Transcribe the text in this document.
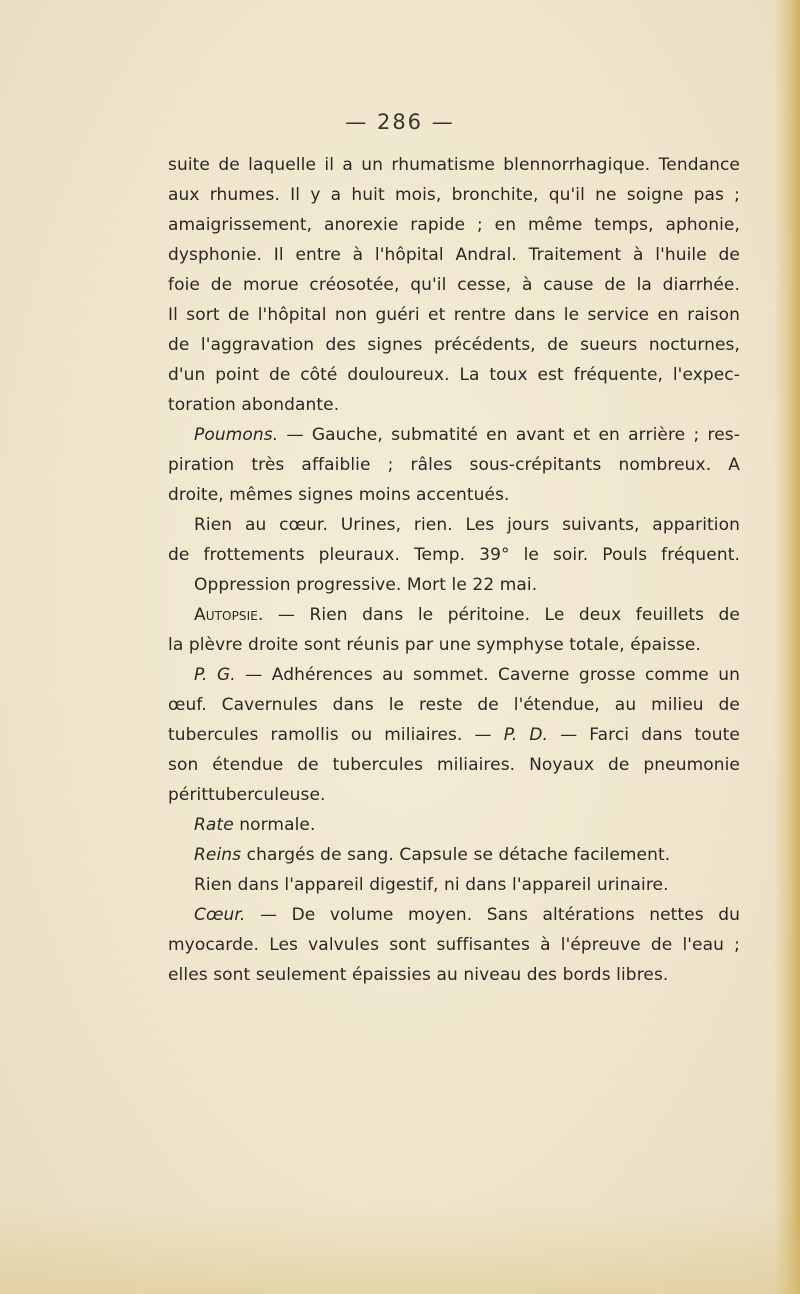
— 286 —
suite de laquelle il a un rhumatisme blennorrhagique. Tendance
aux rhumes. Il y a huit mois, bronchite, qu'il ne soigne pas ;
amaigrissement, anorexie rapide ; en même temps, aphonie,
dysphonie. Il entre à l'hôpital Andral. Traitement à l'huile de
foie de morue créosotée, qu'il cesse, à cause de la diarrhée.
Il sort de l'hôpital non guéri et rentre dans le service en raison
de l'aggravation des signes précédents, de sueurs nocturnes,
d'un point de côté douloureux. La toux est fréquente, l'expec-
toration abondante.
Poumons. — Gauche, submatité en avant et en arrière ; res-
piration très affaiblie ; râles sous-crépitants nombreux. A
droite, mêmes signes moins accentués.
Rien au cœur. Urines, rien. Les jours suivants, apparition
de frottements pleuraux. Temp. 39° le soir. Pouls fréquent.
Oppression progressive. Mort le 22 mai.
Autopsie. — Rien dans le péritoine. Le deux feuillets de
la plèvre droite sont réunis par une symphyse totale, épaisse.
P. G. — Adhérences au sommet. Caverne grosse comme un
œuf. Cavernules dans le reste de l'étendue, au milieu de
tubercules ramollis ou miliaires. — P. D. — Farci dans toute
son étendue de tubercules miliaires. Noyaux de pneumonie
périttuberculeuse.
Rate normale.
Reins chargés de sang. Capsule se détache facilement.
Rien dans l'appareil digestif, ni dans l'appareil urinaire.
Cœur. — De volume moyen. Sans altérations nettes du
myocarde. Les valvules sont suffisantes à l'épreuve de l'eau ;
elles sont seulement épaissies au niveau des bords libres.
